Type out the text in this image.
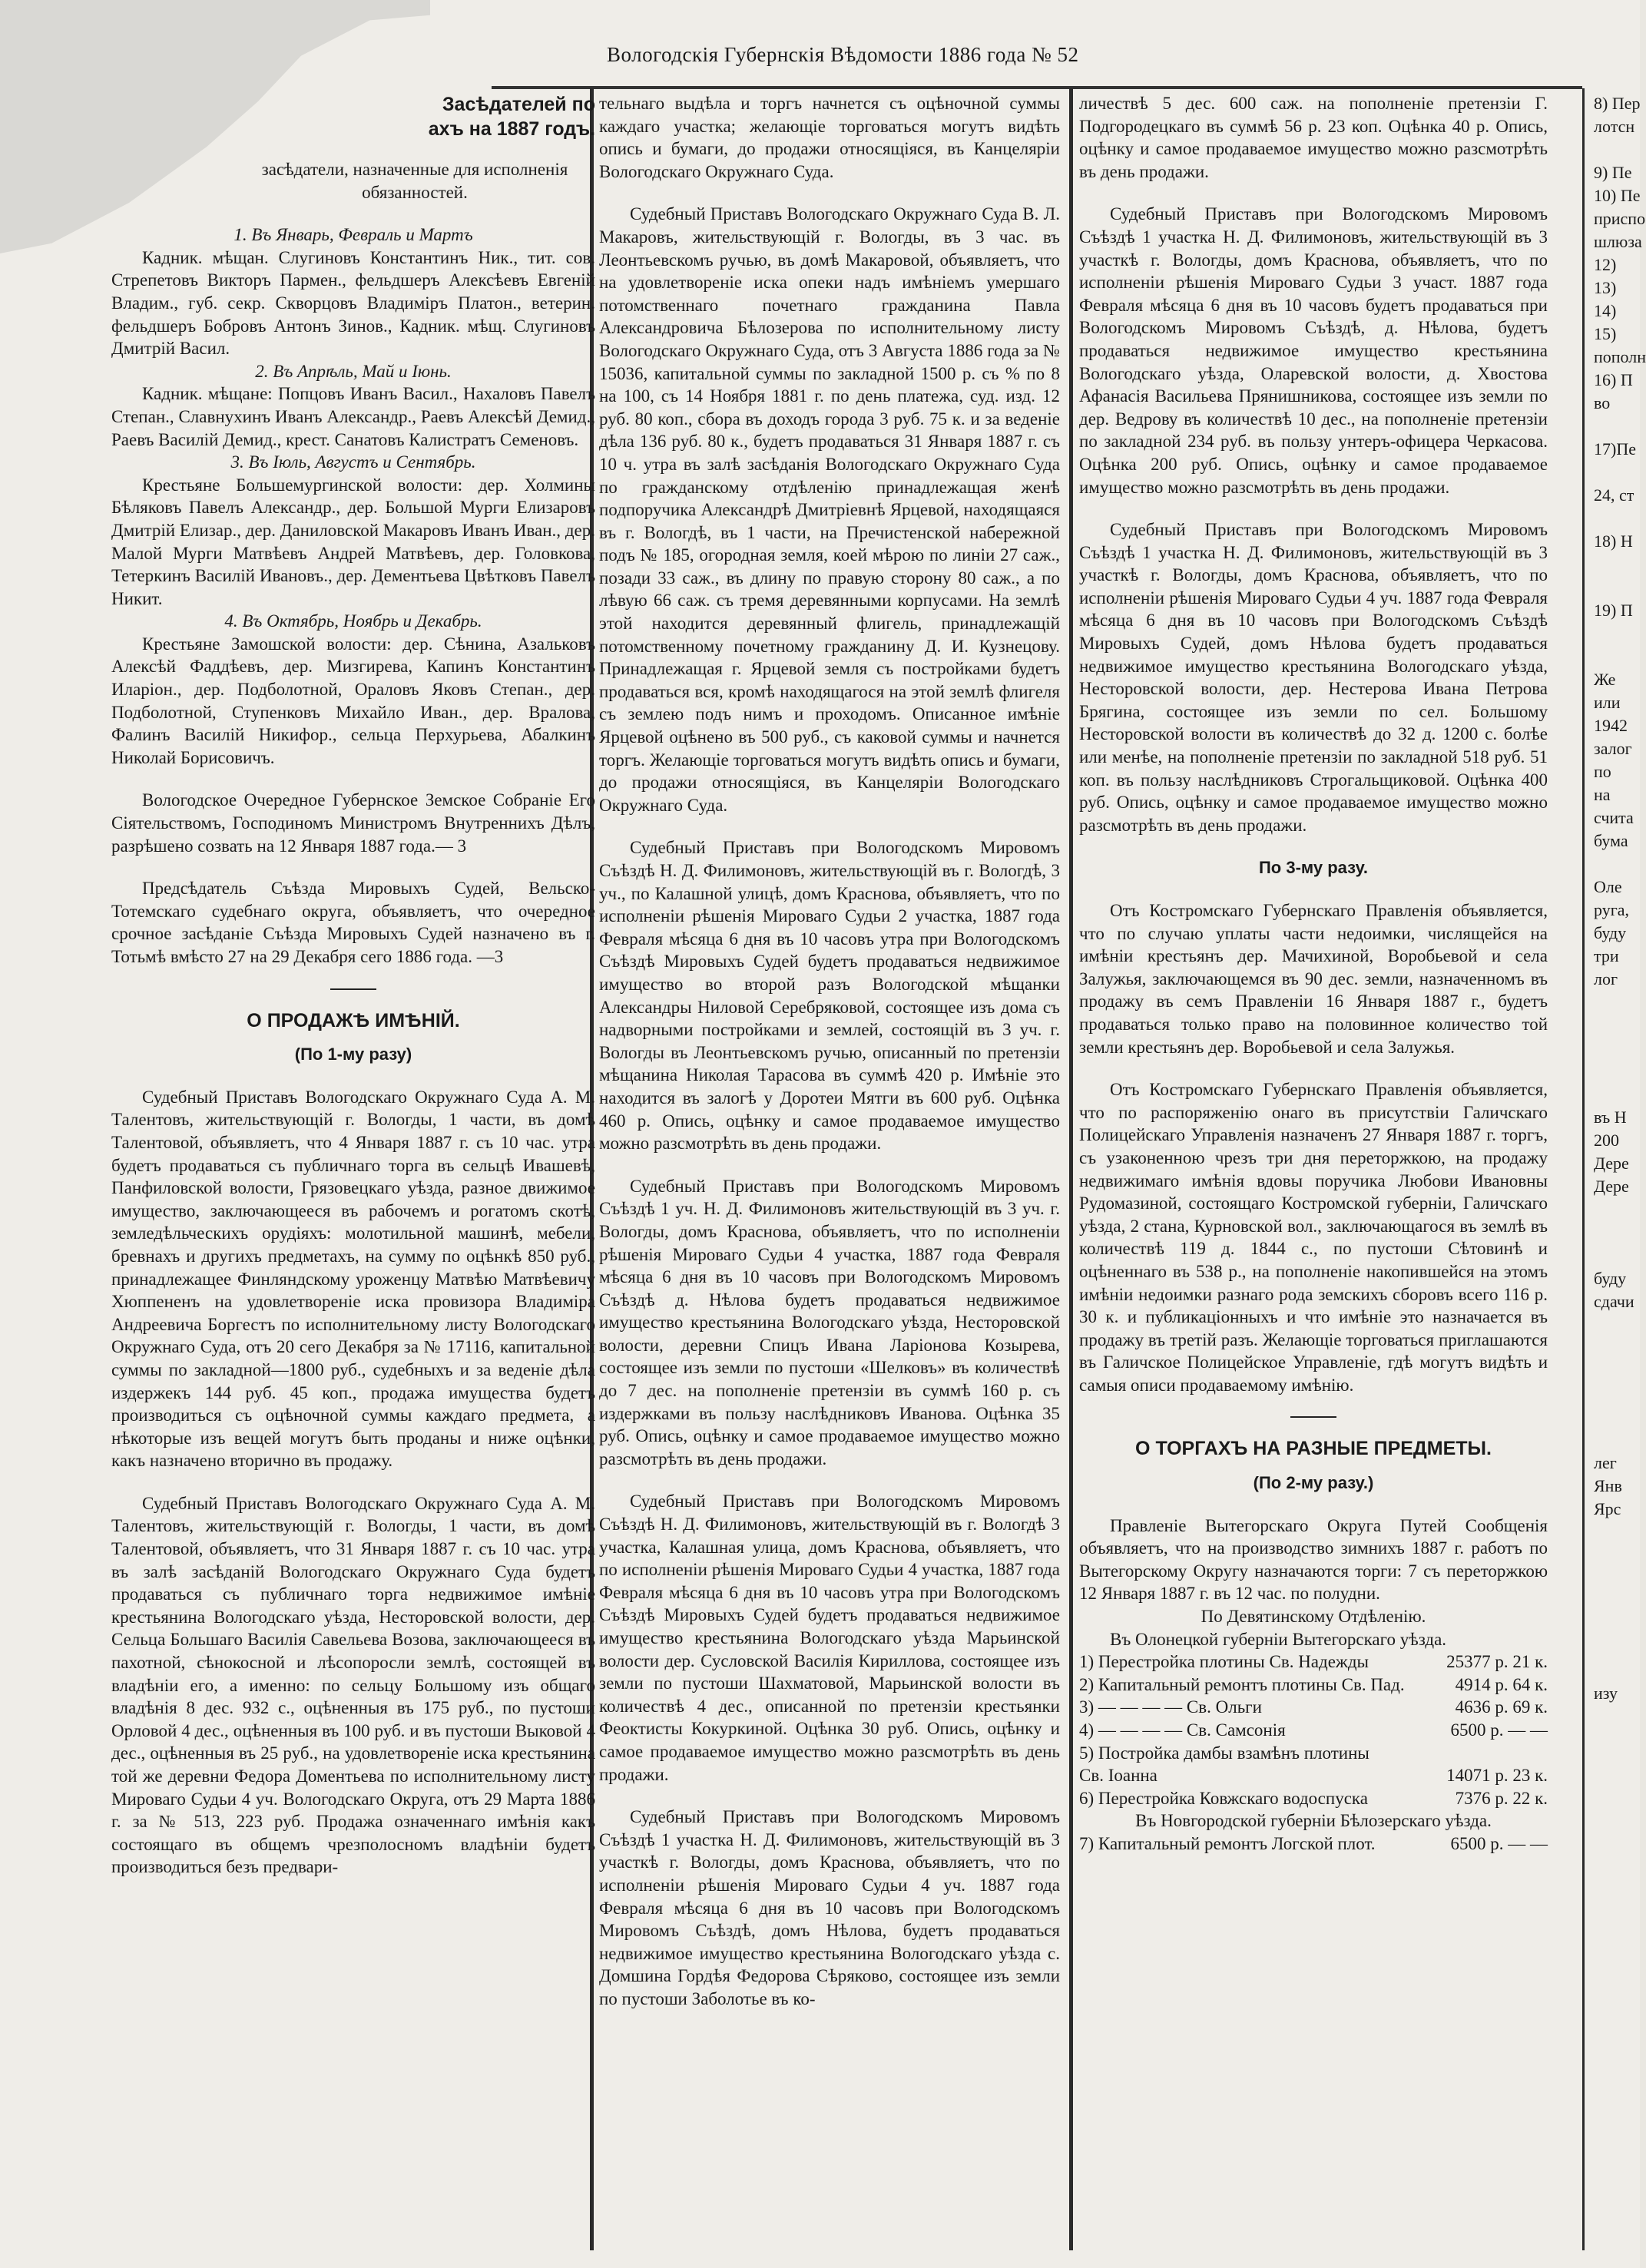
Вологодскія Губернскія Вѣдомости 1886 года № 52
Засѣдателей по
ахъ на 1887 годъ.

засѣдатели, назначенные для исполненія обязанностей.

1. Въ Январь, Февраль и Мартъ

Кадник. мѣщан. Слугиновъ Константинъ Ник., тит. сов. Стрепетовъ Викторъ Пармен., фельдшеръ Алексѣевъ Евгеній Владим., губ. секр. Скворцовъ Владиміръ Платон., ветерин. фельдшеръ Бобровъ Антонъ Зинов., Кадник. мѣщ. Слугиновъ Дмитрій Васил.

2. Въ Апрѣль, Май и Іюнь.

Кадник. мѣщане: Попцовъ Иванъ Васил., Нахаловъ Павелъ Степан., Славнухинъ Иванъ Александр., Раевъ Алексѣй Демид., Раевъ Василій Демид., крест. Санатовъ Калистратъ Семеновъ.

3. Въ Іюль, Августъ и Сентябрь.

Крестьяне Большемургинской волости: дер. Холмины Бѣляковъ Павелъ Александр., дер. Большой Мурги Елизаровъ Дмитрій Елизар., дер. Даниловской Макаровъ Иванъ Иван., дер. Малой Мурги Матвѣевъ Андрей Матвѣевъ, дер. Головкова, Тетеркинъ Василій Ивановъ., дер. Дементьева Цвѣтковъ Павелъ Никит.

4. Въ Октябрь, Ноябрь и Декабрь.

Крестьяне Замошской волости: дер. Сѣнина, Азальковъ Алексѣй Фаддѣевъ, дер. Мизгирева, Капинъ Константинъ Иларіон., дер. Подболотной, Ораловъ Яковъ Степан., дер. Подболотной, Ступенковъ Михайло Иван., дер. Вралова, Фалинъ Василій Никифор., сельца Перхурьева, Абалкинъ Николай Борисовичъ.

Вологодское Очередное Губернское Земское Собраніе Его Сіятельствомъ, Господиномъ Министромъ Внутреннихъ Дѣлъ, разрѣшено созвать на 12 Января 1887 года.— 3

Предсѣдатель Съѣзда Мировыхъ Судей, Вельско-Тотемскаго судебнаго округа, объявляетъ, что очередное срочное засѣданіе Съѣзда Мировыхъ Судей назначено въ г. Тотьмѣ вмѣсто 27 на 29 Декабря сего 1886 года. —3

О ПРОДАЖѢ ИМѢНІЙ.
(По 1-му разу)

Судебный Приставъ Вологодскаго Окружнаго Суда А. М. Талентовъ, жительствующій г. Вологды, 1 части, въ домѣ Талентовой, объявляетъ, что 4 Января 1887 г. съ 10 час. утра будетъ продаваться съ публичнаго торга въ сельцѣ Ивашевѣ, Панфиловской волости, Грязовецкаго уѣзда, разное движимое имущество, заключающееся въ рабочемъ и рогатомъ скотѣ, земледѣльческихъ орудіяхъ: молотильной машинѣ, мебели, бревнахъ и другихъ предметахъ, на сумму по оцѣнкѣ 850 руб., принадлежащее Финляндскому уроженцу Матвѣю Матвѣевичу Хюппененъ на удовлетвореніе иска провизора Владиміра Андреевича Боргестъ по исполнительному листу Вологодскаго Окружнаго Суда, отъ 20 сего Декабря за № 17116, капитальной суммы по закладной—1800 руб., судебныхъ и за веденіе дѣла издержекъ 144 руб. 45 коп., продажа имущества будетъ производиться съ оцѣночной суммы каждаго предмета, а нѣкоторые изъ вещей могутъ быть проданы и ниже оцѣнки, какъ назначено вторично въ продажу.

Судебный Приставъ Вологодскаго Окружнаго Суда А. М. Талентовъ, жительствующій г. Вологды, 1 части, въ домѣ Талентовой, объявляетъ, что 31 Января 1887 г. съ 10 час. утра въ залѣ засѣданій Вологодскаго Окружнаго Суда будетъ продаваться съ публичнаго торга недвижимое имѣніе крестьянина Вологодскаго уѣзда, Несторовской волости, дер. Сельца Большаго Василія Савельева Возова, заключающееся въ пахотной, сѣнокосной и лѣсопоросли землѣ, состоящей въ владѣніи его, а именно: по сельцу Большому изъ общаго владѣнія 8 дес. 932 с., оцѣненныя въ 175 руб., по пустоши Орловой 4 дес., оцѣненныя въ 100 руб. и въ пустоши Выковой 4 дес., оцѣненныя въ 25 руб., на удовлетвореніе иска крестьянина той же деревни Федора Доментьева по исполнительному листу Мироваго Судьи 4 уч. Вологодскаго Округа, отъ 29 Марта 1886 г. за № 513, 223 руб. Продажа означеннаго имѣнія какъ состоящаго въ общемъ чрезполосномъ владѣніи будетъ производиться безъ предвари-

тельнаго выдѣла и торгъ начнется съ оцѣночной суммы каждаго участка; желающіе торговаться могутъ видѣть опись и бумаги, до продажи относящіяся, въ Канцеляріи Вологодскаго Окружнаго Суда.

Судебный Приставъ Вологодскаго Окружнаго Суда В. Л. Макаровъ, жительствующій г. Вологды, въ 3 час. въ Леонтьевскомъ ручью, въ домѣ Макаровой, объявляетъ, что на удовлетвореніе иска опеки надъ имѣніемъ умершаго потомственнаго почетнаго гражданина Павла Александровича Бѣлозерова по исполнительному листу Вологодскаго Окружнаго Суда, отъ 3 Августа 1886 года за № 15036, капитальной суммы по закладной 1500 р. съ % по 8 на 100, съ 14 Ноября 1881 г. по день платежа, суд. изд. 12 руб. 80 коп., сбора въ доходъ города 3 руб. 75 к. и за веденіе дѣла 136 руб. 80 к., будетъ продаваться 31 Января 1887 г. съ 10 ч. утра въ залѣ засѣданія Вологодскаго Окружнаго Суда по гражданскому отдѣленію принадлежащая женѣ подпоручика Александрѣ Дмитріевнѣ Ярцевой, находящаяся въ г. Вологдѣ, въ 1 части, на Пречистенской набережной подъ № 185, огородная земля, коей мѣрою по линіи 27 саж., позади 33 саж., въ длину по правую сторону 80 саж., а по лѣвую 66 саж. съ тремя деревянными корпусами. На землѣ этой находится деревянный флигель, принадлежащій потомственному почетному гражданину Д. И. Кузнецову. Принадлежащая г. Ярцевой земля съ постройками будетъ продаваться вся, кромѣ находящагося на этой землѣ флигеля съ землею подъ нимъ и проходомъ. Описанное имѣніе Ярцевой оцѣнено въ 500 руб., съ каковой суммы и начнется торгъ. Желающіе торговаться могутъ видѣть опись и бумаги, до продажи относящіяся, въ Канцеляріи Вологодскаго Окружнаго Суда.

Судебный Приставъ при Вологодскомъ Мировомъ Съѣздѣ Н. Д. Филимоновъ, жительствующій въ г. Вологдѣ, 3 уч., по Калашной улицѣ, домъ Краснова, объявляетъ, что по исполненіи рѣшенія Мироваго Судьи 2 участка, 1887 года Февраля мѣсяца 6 дня въ 10 часовъ утра при Вологодскомъ Съѣздѣ Мировыхъ Судей будетъ продаваться недвижимое имущество во второй разъ Вологодской мѣщанки Александры Ниловой Серебряковой, состоящее изъ дома съ надворными постройками и землей, состоящій въ 3 уч. г. Вологды въ Леонтьевскомъ ручью, описанный по претензіи мѣщанина Николая Тарасова въ суммѣ 420 р. Имѣніе это находится въ залогѣ у Доротеи Мятги въ 600 руб. Оцѣнка 460 р. Опись, оцѣнку и самое продаваемое имущество можно разсмотрѣть въ день продажи.

Судебный Приставъ при Вологодскомъ Мировомъ Съѣздѣ 1 уч. Н. Д. Филимоновъ жительствующій въ 3 уч. г. Вологды, домъ Краснова, объявляетъ, что по исполненіи рѣшенія Мироваго Судьи 4 участка, 1887 года Февраля мѣсяца 6 дня въ 10 часовъ при Вологодскомъ Мировомъ Съѣздѣ д. Нѣлова будетъ продаваться недвижимое имущество крестьянина Вологодскаго уѣзда, Несторовской волости, деревни Спицъ Ивана Ларіонова Козырева, состоящее изъ земли по пустоши «Шелковъ» въ количествѣ до 7 дес. на пополненіе претензіи въ суммѣ 160 р. съ издержками въ пользу наслѣдниковъ Иванова. Оцѣнка 35 руб. Опись, оцѣнку и самое продаваемое имущество можно разсмотрѣть въ день продажи.

Судебный Приставъ при Вологодскомъ Мировомъ Съѣздѣ Н. Д. Филимоновъ, жительствующій въ г. Вологдѣ 3 участка, Калашная улица, домъ Краснова, объявляетъ, что по исполненіи рѣшенія Мироваго Судьи 4 участка, 1887 года Февраля мѣсяца 6 дня въ 10 часовъ утра при Вологодскомъ Съѣздѣ Мировыхъ Судей будетъ продаваться недвижимое имущество крестьянина Вологодскаго уѣзда Марьинской волости дер. Сусловской Василія Кириллова, состоящее изъ земли по пустоши Шахматовой, Марьинской волости въ количествѣ 4 дес., описанной по претензіи крестьянки Феоктисты Кокуркиной. Оцѣнка 30 руб. Опись, оцѣнку и самое продаваемое имущество можно разсмотрѣть въ день продажи.

Судебный Приставъ при Вологодскомъ Мировомъ Съѣздѣ 1 участка Н. Д. Филимоновъ, жительствующій въ 3 участкѣ г. Вологды, домъ Краснова, объявляетъ, что по исполненіи рѣшенія Мироваго Судьи 4 уч. 1887 года Февраля мѣсяца 6 дня въ 10 часовъ при Вологодскомъ Мировомъ Съѣздѣ, домъ Нѣлова, будетъ продаваться недвижимое имущество крестьянина Вологодскаго уѣзда с. Домшина Гордѣя Федорова Сѣряково, состоящее изъ земли по пустоши Заболотье въ ко-

личествѣ 5 дес. 600 саж. на пополненіе претензіи Г. Подгородецкаго въ суммѣ 56 р. 23 коп. Оцѣнка 40 р. Опись, оцѣнку и самое продаваемое имущество можно разсмотрѣть въ день продажи.

Судебный Приставъ при Вологодскомъ Мировомъ Съѣздѣ 1 участка Н. Д. Филимоновъ, жительствующій въ 3 участкѣ г. Вологды, домъ Краснова, объявляетъ, что по исполненіи рѣшенія Мироваго Судьи 3 участ. 1887 года Февраля мѣсяца 6 дня въ 10 часовъ будетъ продаваться при Вологодскомъ Мировомъ Съѣздѣ, д. Нѣлова, будетъ продаваться недвижимое имущество крестьянина Вологодскаго уѣзда, Оларевской волости, д. Хвостова Афанасія Васильева Прянишникова, состоящее изъ земли по дер. Ведрову въ количествѣ 10 дес., на пополненіе претензіи по закладной 234 руб. въ пользу унтеръ-офицера Черкасова. Оцѣнка 200 руб. Опись, оцѣнку и самое продаваемое имущество можно разсмотрѣть въ день продажи.

Судебный Приставъ при Вологодскомъ Мировомъ Съѣздѣ 1 участка Н. Д. Филимоновъ, жительствующій въ 3 участкѣ г. Вологды, домъ Краснова, объявляетъ, что по исполненіи рѣшенія Мироваго Судьи 4 уч. 1887 года Февраля мѣсяца 6 дня въ 10 часовъ при Вологодскомъ Съѣздѣ Мировыхъ Судей, домъ Нѣлова будетъ продаваться недвижимое имущество крестьянина Вологодскаго уѣзда, Несторовской волости, дер. Нестерова Ивана Петрова Брягина, состоящее изъ земли по сел. Большому Несторовской волости въ количествѣ до 32 д. 1200 с. болѣе или менѣе, на пополненіе претензіи по закладной 518 руб. 51 коп. въ пользу наслѣдниковъ Строгальщиковой. Оцѣнка 400 руб. Опись, оцѣнку и самое продаваемое имущество можно разсмотрѣть въ день продажи.

По 3-му разу.

Отъ Костромскаго Губернскаго Правленія объявляется, что по случаю уплаты части недоимки, числящейся на имѣніи крестьянъ дер. Мачихиной, Воробьевой и села Залужья, заключающемся въ 90 дес. земли, назначенномъ въ продажу въ семъ Правленіи 16 Января 1887 г., будетъ продаваться только право на половинное количество той земли крестьянъ дер. Воробьевой и села Залужья.

Отъ Костромскаго Губернскаго Правленія объявляется, что по распоряженію онаго въ присутствіи Галичскаго Полицейскаго Управленія назначенъ 27 Января 1887 г. торгъ, съ узаконенною чрезъ три дня переторжкою, на продажу недвижимаго имѣнія вдовы поручика Любови Ивановны Рудомазиной, состоящаго Костромской губерніи, Галичскаго уѣзда, 2 стана, Курновской вол., заключающагося въ землѣ въ количествѣ 119 д. 1844 с., по пустоши Сѣтовинѣ и оцѣненнаго въ 538 р., на пополненіе накопившейся на этомъ имѣніи недоимки разнаго рода земскихъ сборовъ всего 116 р. 30 к. и публикаціонныхъ и что имѣніе это назначается въ продажу въ третій разъ. Желающіе торговаться приглашаются въ Галичское Полицейское Управленіе, гдѣ могутъ видѣть и самыя описи продаваемому имѣнію.

О ТОРГАХЪ НА РАЗНЫЕ ПРЕДМЕТЫ.
(По 2-му разу.)

Правленіе Вытегорскаго Округа Путей Сообщенія объявляетъ, что на производство зимнихъ 1887 г. работъ по Вытегорскому Округу назначаются торги: 7 съ переторжкою 12 Января 1887 г. въ 12 час. по полудни.

По Девятинскому Отдѣленію.

Въ Олонецкой губерніи Вытегорскаго уѣзда.

1) Перестройка плотины Св. Надежды	25377 р. 21 к.
2) Капитальный ремонтъ плотины Св. Пад.	4914 р. 64 к.
3) — — — — Св. Ольги	4636 р. 69 к.
4) — — — — Св. Самсонія	6500 р. — —
5) Постройка дамбы взамѣнъ плотины
Св. Іоанна	14071 р. 23 к.
6) Перестройка Ковжскаго водоспуска	7376 р. 22 к.

Въ Новгородской губерніи Бѣлозерскаго уѣзда.

7) Капитальный ремонтъ Логской плот.	6500 р. — —
8) Пер
лотсн

9) Пе
10) Пе
приспо
шлюза
12)
13)
14)
15)
пополн
16) П
во

17)Пе

24, ст

18) Н

19) П

Же
или
1942
залог
по
на
счита
бума

Оле
руга,
буду
три
лог

въ Н
200
Дере
Дере

буду
сдачи

лег
Янв
Ярс

изу
